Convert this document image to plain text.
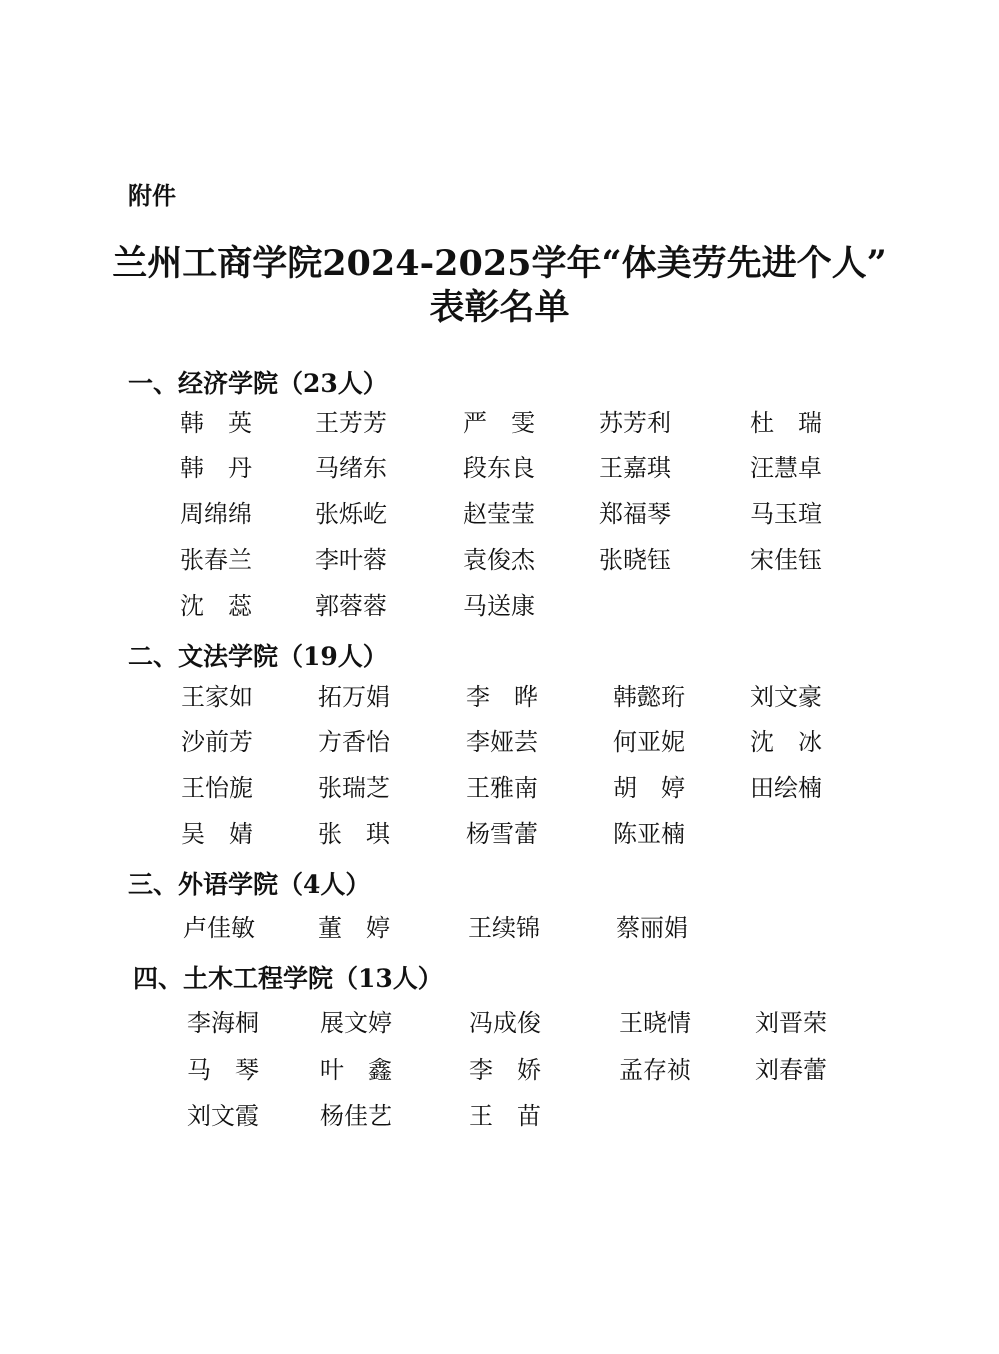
附件
兰州工商学院2024-2025学年“体美劳先进个人”
表彰名单
一、经济学院（23人）
韩　英	王芳芳	严　雯	苏芳利	杜　瑞
韩　丹	马绪东	段东良	王嘉琪	汪慧卓
周绵绵	张烁屹	赵莹莹	郑福琴	马玉瑄
张春兰	李叶蓉	袁俊杰	张晓钰	宋佳钰
沈　蕊	郭蓉蓉	马送康
二、文法学院（19人）
王家如	拓万娟	李　晔	韩懿珩	刘文豪
沙前芳	方香怡	李娅芸	何亚妮	沈　冰
王怡旎	张瑞芝	王雅南	胡　婷	田绘楠
吴　婧	张　琪	杨雪蕾	陈亚楠
三、外语学院（4人）
卢佳敏	董　婷	王续锦	蔡丽娟
四、土木工程学院（13人）
李海桐	展文婷	冯成俊	王晓情	刘晋荣
马　琴	叶　鑫	李　娇	孟存祯	刘春蕾
刘文霞	杨佳艺	王　苗
